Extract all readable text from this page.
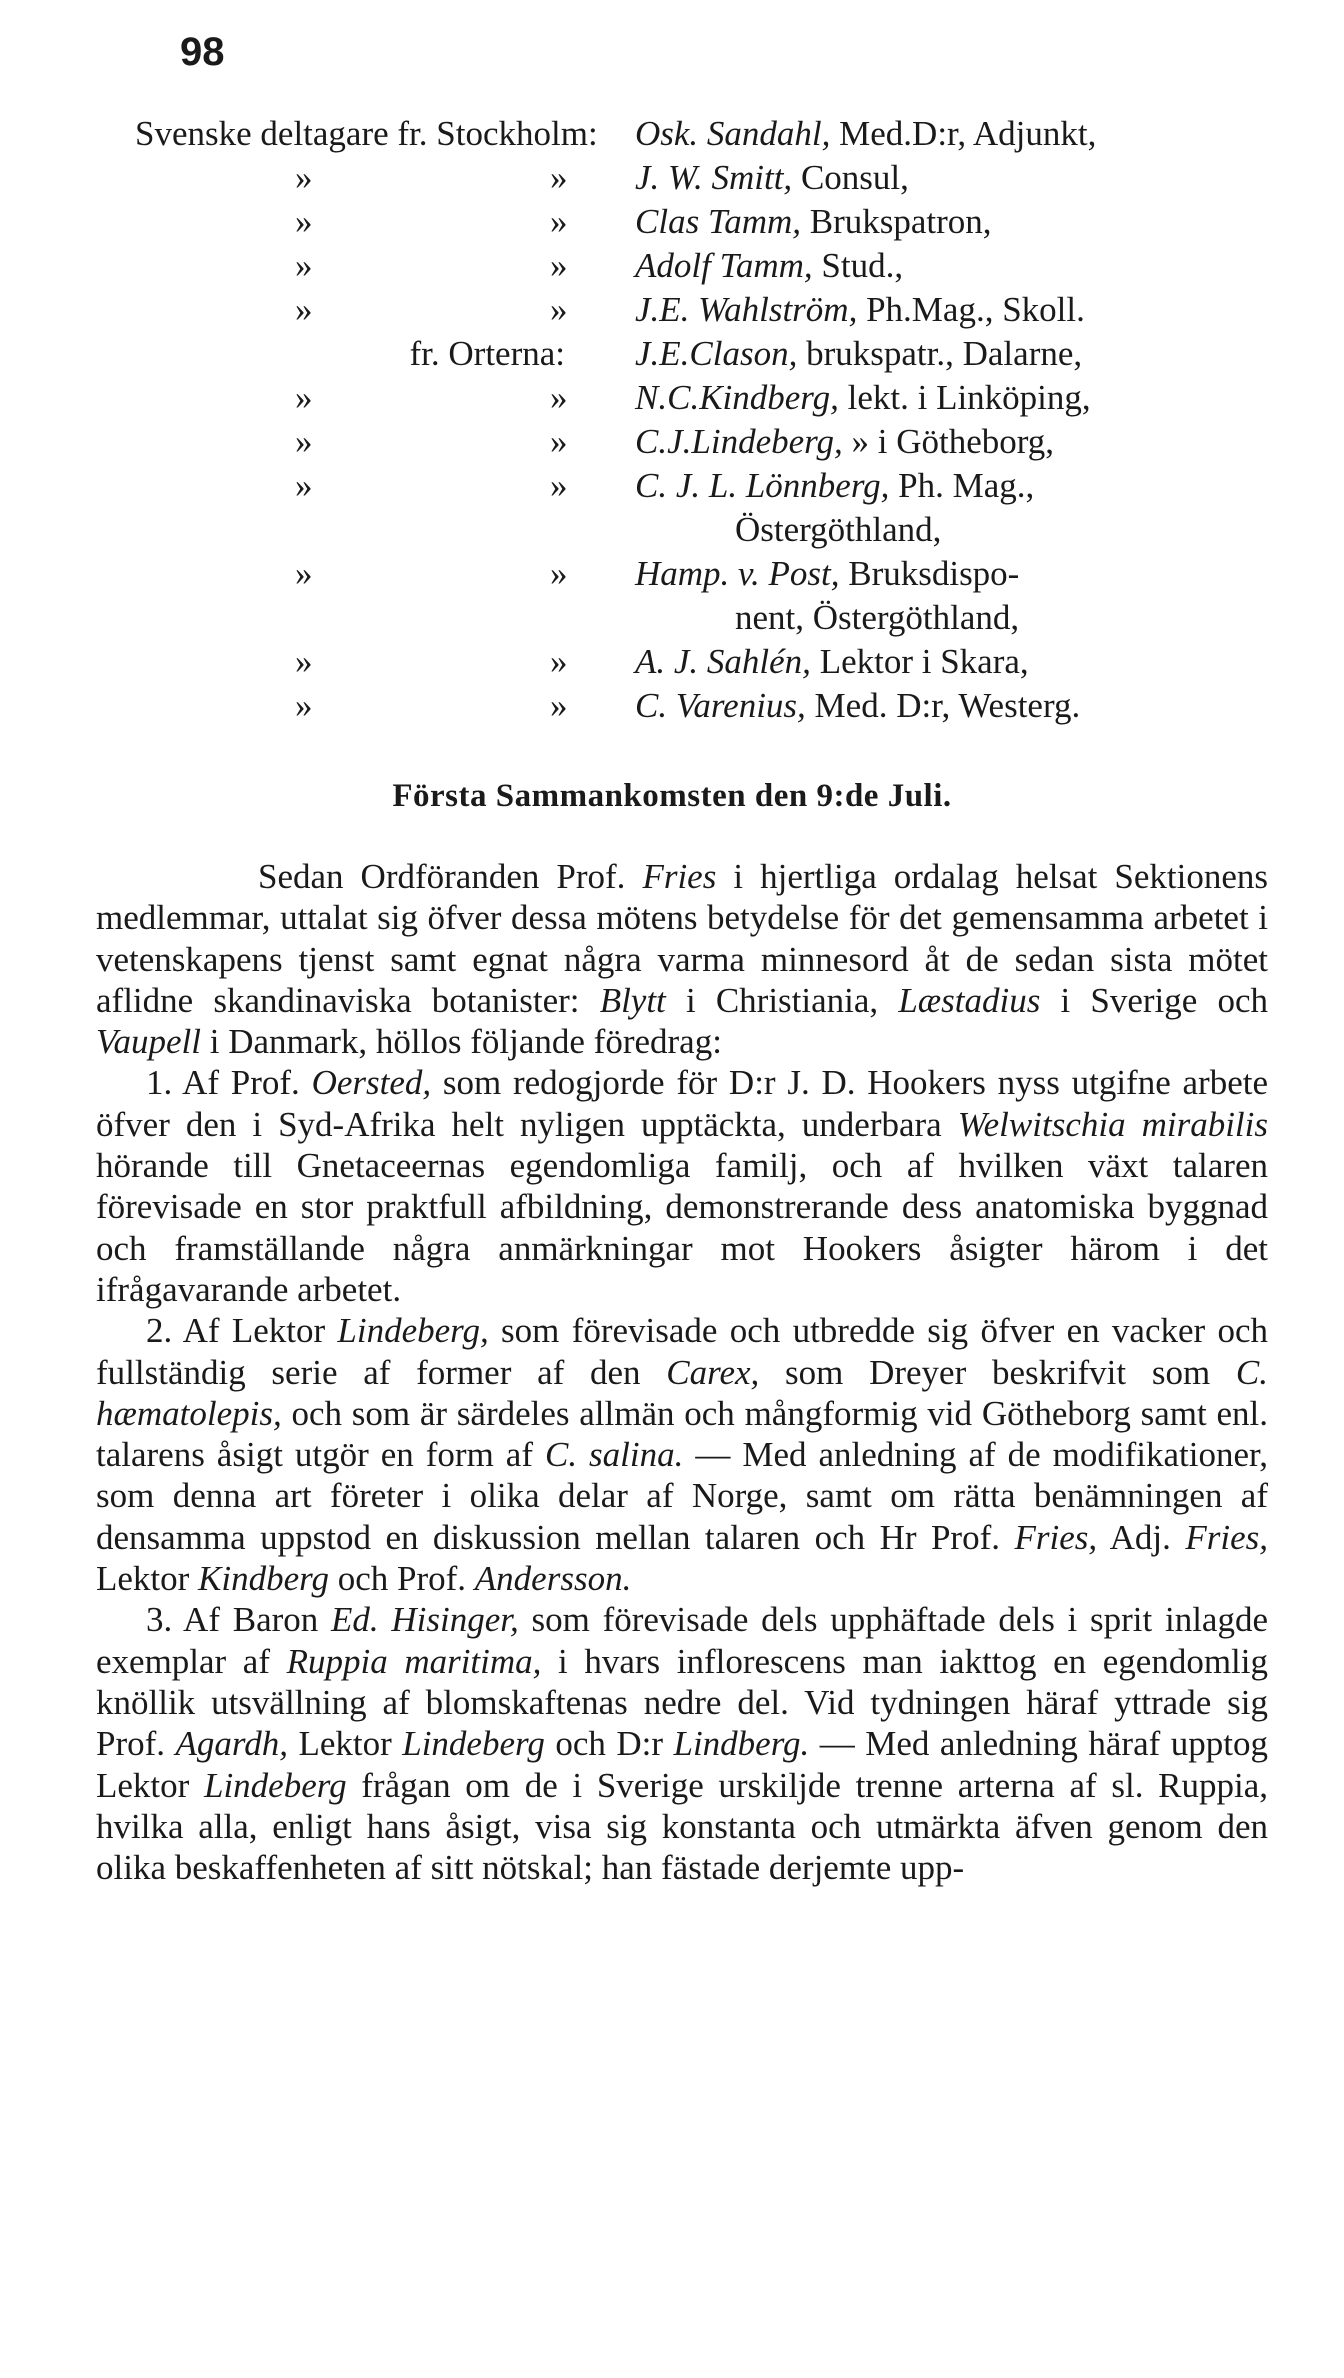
98
Svenske deltagare fr. Stockholm: Osk. Sandahl, Med.D:r, Adjunkt,
»	» J. W. Smitt, Consul,
»	» Clas Tamm, Brukspatron,
»	» Adolf Tamm, Stud.,
»	» J.E. Wahlström, Ph.Mag., Skoll.
fr. Orterna: J.E.Clason, brukspatr., Dalarne,
»	» N.C.Kindberg, lekt. i Linköping,
»	» C.J.Lindeberg, » i Götheborg,
»	» C. J. L. Lönnberg, Ph. Mag.,
Östergöthland,
»	» Hamp. v. Post, Bruksdispo-
nent, Östergöthland,
»	» A. J. Sahlén, Lektor i Skara,
»	» C. Varenius, Med. D:r, Westerg.
Första Sammankomsten den 9:de Juli.

Sedan Ordföranden Prof. Fries i hjertliga ordalag helsat Sektionens medlemmar, uttalat sig öfver dessa mötens betydelse för det gemensamma arbetet i vetenskapens tjenst samt egnat några varma minnesord åt de sedan sista mötet aflidne skandinaviska botanister: Blytt i Christiania, Læstadius i Sverige och Vaupell i Danmark, höllos följande föredrag:

1. Af Prof. Oersted, som redogjorde för D:r J. D. Hookers nyss utgifne arbete öfver den i Syd-Afrika helt nyligen upptäckta, underbara Welwitschia mirabilis hörande till Gnetaceernas egendomliga familj, och af hvilken växt talaren förevisade en stor praktfull afbildning, demonstrerande dess anatomiska byggnad och framställande några anmärkningar mot Hookers åsigter härom i det ifrågavarande arbetet.

2. Af Lektor Lindeberg, som förevisade och utbredde sig öfver en vacker och fullständig serie af former af den Carex, som Dreyer beskrifvit som C. hæmatolepis, och som är särdeles allmän och mångformig vid Götheborg samt enl. talarens åsigt utgör en form af C. salina. — Med anledning af de modifikationer, som denna art företer i olika delar af Norge, samt om rätta benämningen af densamma uppstod en diskussion mellan talaren och Hr Prof. Fries, Adj. Fries, Lektor Kindberg och Prof. Andersson.

3. Af Baron Ed. Hisinger, som förevisade dels upphäftade dels i sprit inlagde exemplar af Ruppia maritima, i hvars inflorescens man iakttog en egendomlig knöllik utsvällning af blomskaftenas nedre del. Vid tydningen häraf yttrade sig Prof. Agardh, Lektor Lindeberg och D:r Lindberg. — Med anledning häraf upptog Lektor Lindeberg frågan om de i Sverige urskiljde trenne arterna af sl. Ruppia, hvilka alla, enligt hans åsigt, visa sig konstanta och utmärkta äfven genom den olika beskaffenheten af sitt nötskal; han fästade derjemte upp-
